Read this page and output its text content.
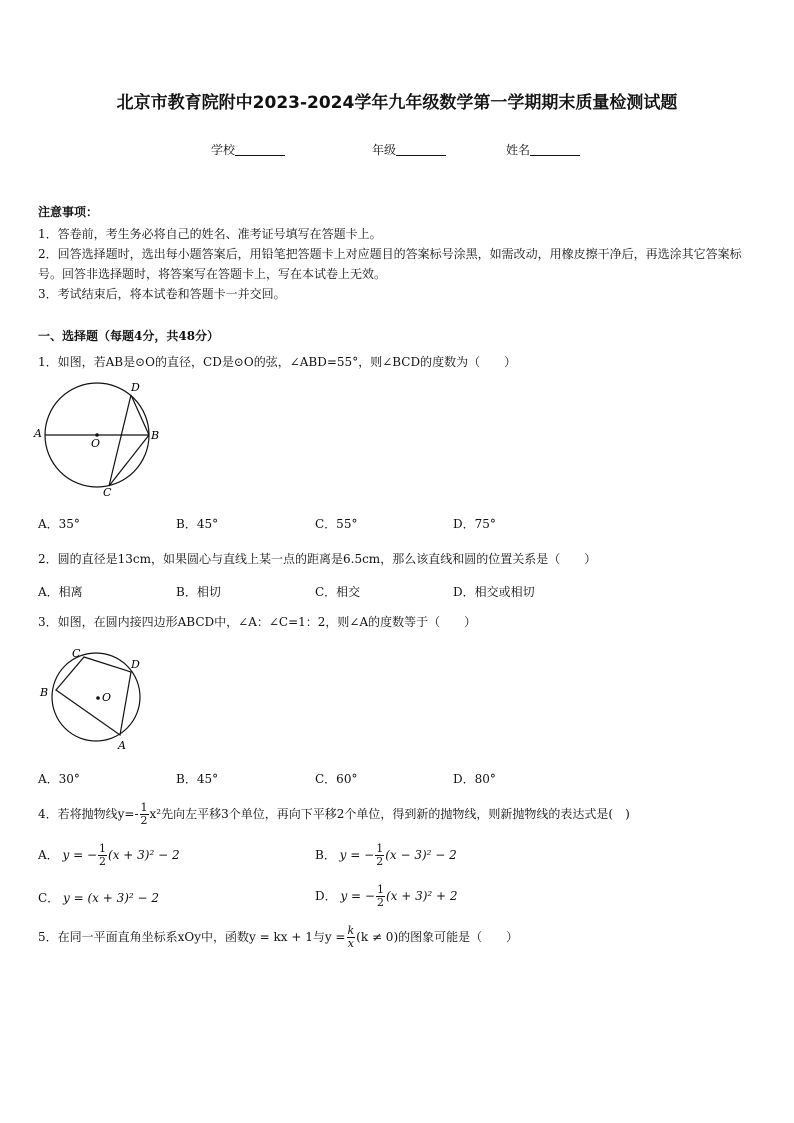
北京市教育院附中2023-2024学年九年级数学第一学期期末质量检测试题
学校	年级	姓名
注意事项：
1．答卷前，考生务必将自己的姓名、准考证号填写在答题卡上。
2．回答选择题时，选出每小题答案后，用铅笔把答题卡上对应题目的答案标号涂黑，如需改动，用橡皮擦干净后，再选涂其它答案标号。回答非选择题时，将答案写在答题卡上，写在本试卷上无效。
3．考试结束后，将本试卷和答题卡一并交回。
一、选择题（每题4分，共48分）
1．如图，若AB是⊙O的直径，CD是⊙O的弦，∠ABD=55°，则∠BCD的度数为（　　）
A	B
D
C
O
A．35°	B．45°	C．55°	D．75°
2．圆的直径是13cm，如果圆心与直线上某一点的距离是6.5cm，那么该直线和圆的位置关系是（　　）
A．相离	B．相切	C．相交	D．相交或相切
3．如图，在圆内接四边形ABCD中，∠A：∠C=1：2，则∠A的度数等于（　　）
C
D
B
A
O
A．30°	B．45°	C．60°	D．80°
4．若将抛物线$y=- \frac{1}{2} x^2$先向左平移3个单位，再向下平移2个单位，得到新的抛物线，则新抛物线的表达式是(　)
A． y = − $\frac{1}{2} (x + 3)^2 - 2$	B． y = − $\frac{1}{2} (x - 3)^2 - 2$
C． y = (x + 3)² − 2	D． y = − $\frac{1}{2} (x + 3)^2 + 2$
5．在同一平面直角坐标系xOy中，函数y = kx + 1与$y = \frac{k}{x} (k \ne 0)$的图象可能是（　　）
